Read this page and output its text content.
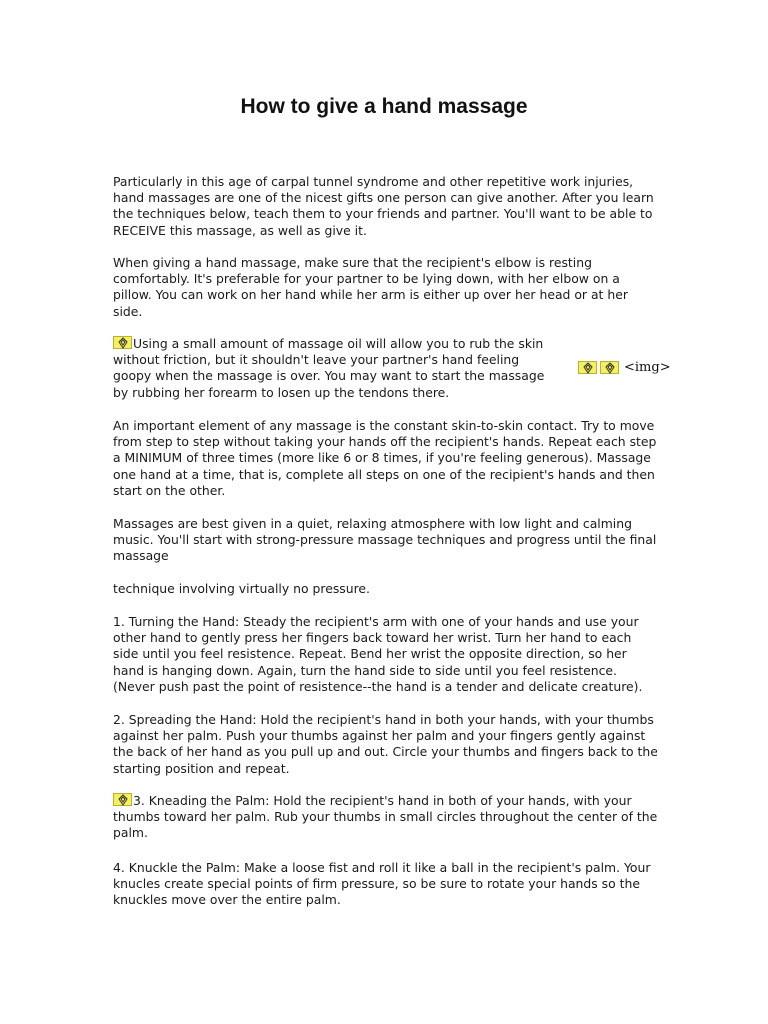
How to give a hand massage

Particularly in this age of carpal tunnel syndrome and other repetitive work injuries, hand massages are one of the nicest gifts one person can give another. After you learn the techniques below, teach them to your friends and partner. You'll want to be able to RECEIVE this massage, as well as give it.

When giving a hand massage, make sure that the recipient's elbow is resting comfortably. It's preferable for your partner to be lying down, with her elbow on a pillow. You can work on her hand while her arm is either up over her head or at her side.

Using a small amount of massage oil will allow you to rub the skin without friction, but it shouldn't leave your partner's hand feeling goopy when the massage is over. You may want to start the massage by rubbing her forearm to losen up the tendons there.

<img>

An important element of any massage is the constant skin-to-skin contact. Try to move from step to step without taking your hands off the recipient's hands. Repeat each step a MINIMUM of three times (more like 6 or 8 times, if you're feeling generous). Massage one hand at a time, that is, complete all steps on one of the recipient's hands and then start on the other.

Massages are best given in a quiet, relaxing atmosphere with low light and calming music. You'll start with strong-pressure massage techniques and progress until the final massage

technique involving virtually no pressure.

1. Turning the Hand: Steady the recipient's arm with one of your hands and use your other hand to gently press her fingers back toward her wrist. Turn her hand to each side until you feel resistence. Repeat. Bend her wrist the opposite direction, so her hand is hanging down. Again, turn the hand side to side until you feel resistence. (Never push past the point of resistence--the hand is a tender and delicate creature).

2. Spreading the Hand: Hold the recipient's hand in both your hands, with your thumbs against her palm. Push your thumbs against her palm and your fingers gently against the back of her hand as you pull up and out. Circle your thumbs and fingers back to the starting position and repeat.

3. Kneading the Palm: Hold the recipient's hand in both of your hands, with your thumbs toward her palm. Rub your thumbs in small circles throughout the center of the palm.

4. Knuckle the Palm: Make a loose fist and roll it like a ball in the recipient's palm. Your knucles create special points of firm pressure, so be sure to rotate your hands so the knuckles move over the entire palm.
